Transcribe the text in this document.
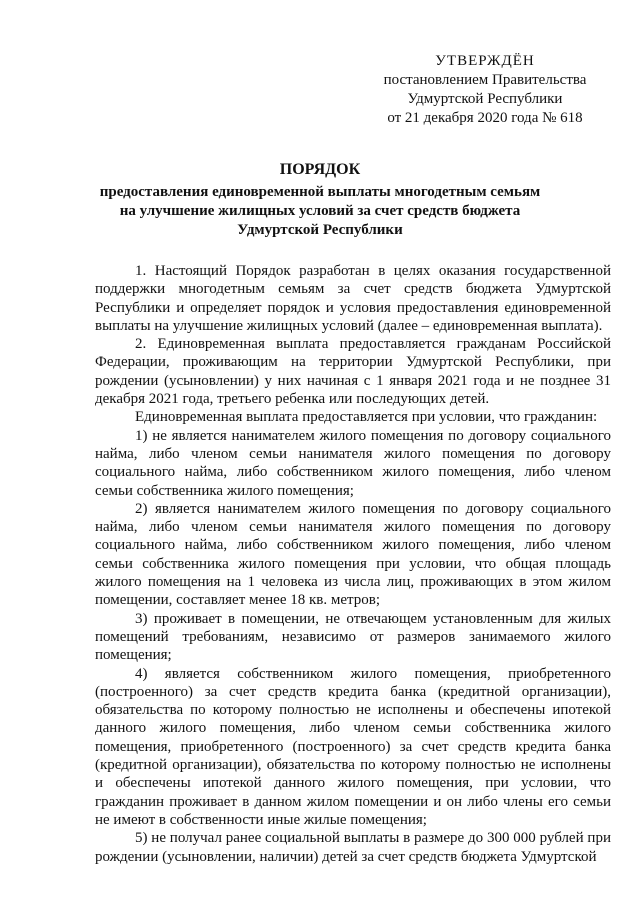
УТВЕРЖДЁН
постановлением Правительства
Удмуртской Республики
от 21 декабря 2020 года № 618
ПОРЯДОК
предоставления единовременной выплаты многодетным семьям на улучшение жилищных условий за счет средств бюджета Удмуртской Республики

1. Настоящий Порядок разработан в целях оказания государственной поддержки многодетным семьям за счет средств бюджета Удмуртской Республики и определяет порядок и условия предоставления единовременной выплаты на улучшение жилищных условий (далее – единовременная выплата).

2. Единовременная выплата предоставляется гражданам Российской Федерации, проживающим на территории Удмуртской Республики, при рождении (усыновлении) у них начиная с 1 января 2021 года и не позднее 31 декабря 2021 года, третьего ребенка или последующих детей.

Единовременная выплата предоставляется при условии, что гражданин:

1) не является нанимателем жилого помещения по договору социального найма, либо членом семьи нанимателя жилого помещения по договору социального найма, либо собственником жилого помещения, либо членом семьи собственника жилого помещения;

2) является нанимателем жилого помещения по договору социального найма, либо членом семьи нанимателя жилого помещения по договору социального найма, либо собственником жилого помещения, либо членом семьи собственника жилого помещения при условии, что общая площадь жилого помещения на 1 человека из числа лиц, проживающих в этом жилом помещении, составляет менее 18 кв. метров;

3) проживает в помещении, не отвечающем установленным для жилых помещений требованиям, независимо от размеров занимаемого жилого помещения;

4) является собственником жилого помещения, приобретенного (построенного) за счет средств кредита банка (кредитной организации), обязательства по которому полностью не исполнены и обеспечены ипотекой данного жилого помещения, либо членом семьи собственника жилого помещения, приобретенного (построенного) за счет средств кредита банка (кредитной организации), обязательства по которому полностью не исполнены и обеспечены ипотекой данного жилого помещения, при условии, что гражданин проживает в данном жилом помещении и он либо члены его семьи не имеют в собственности иные жилые помещения;

5) не получал ранее социальной выплаты в размере до 300 000 рублей при рождении (усыновлении, наличии) детей за счет средств бюджета Удмуртской
